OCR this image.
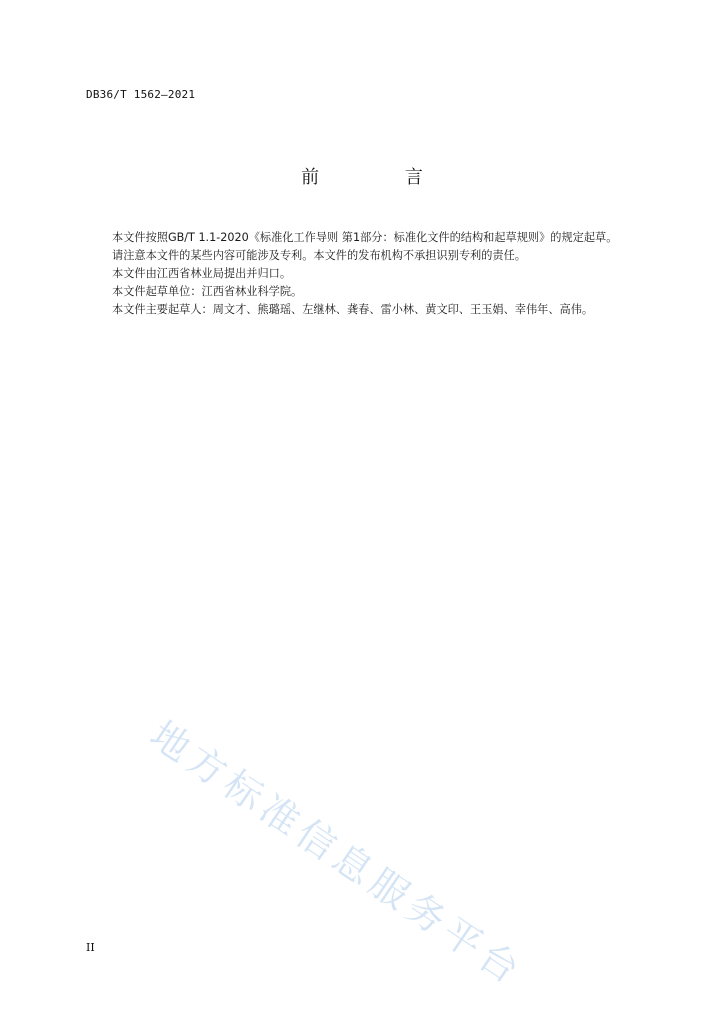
DB36/T 1562—2021
前 言

本文件按照GB/T 1.1-2020《标准化工作导则 第1部分：标准化文件的结构和起草规则》的规定起草。

请注意本文件的某些内容可能涉及专利。本文件的发布机构不承担识别专利的责任。

本文件由江西省林业局提出并归口。

本文件起草单位：江西省林业科学院。

本文件主要起草人：周文才、熊璐瑶、左继林、龚春、雷小林、黄文印、王玉娟、幸伟年、高伟。

地方标准信息服务平台
II
